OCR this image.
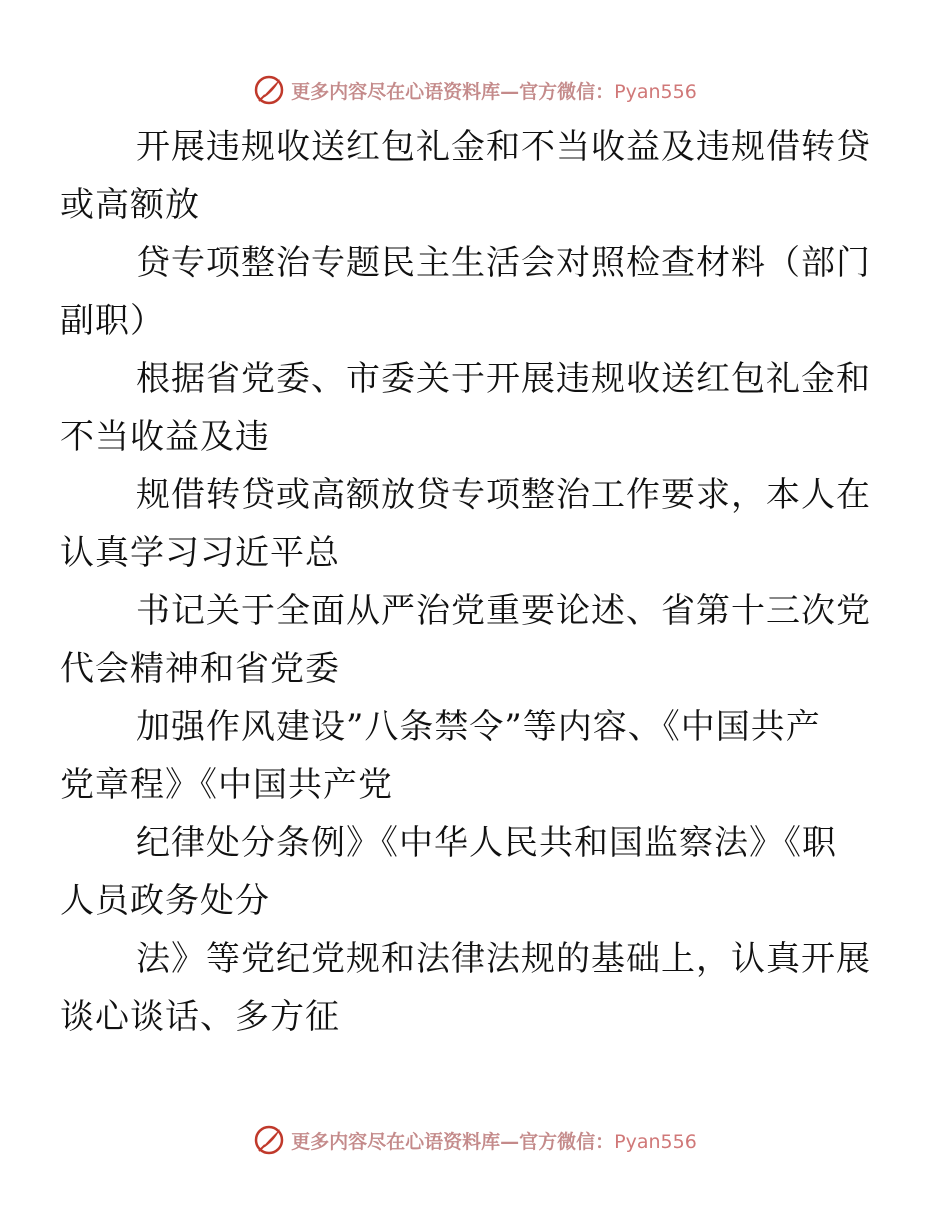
更多内容尽在心语资料库—官方微信：Pyan556

开展违规收送红包礼金和不当收益及违规借转贷
或高额放

贷专项整治专题民主生活会对照检查材料（部门
副职）

根据省党委、市委关于开展违规收送红包礼金和
不当收益及违

规借转贷或高额放贷专项整治工作要求，本人在
认真学习习近平总

书记关于全面从严治党重要论述、省第十三次党
代会精神和省党委

加强作风建设”八条禁令”等内容、《中国共产
党章程》《中国共产党

纪律处分条例》《中华人民共和国监察法》《职
人员政务处分

法》等党纪党规和法律法规的基础上，认真开展
谈心谈话、多方征

更多内容尽在心语资料库—官方微信：Pyan556
